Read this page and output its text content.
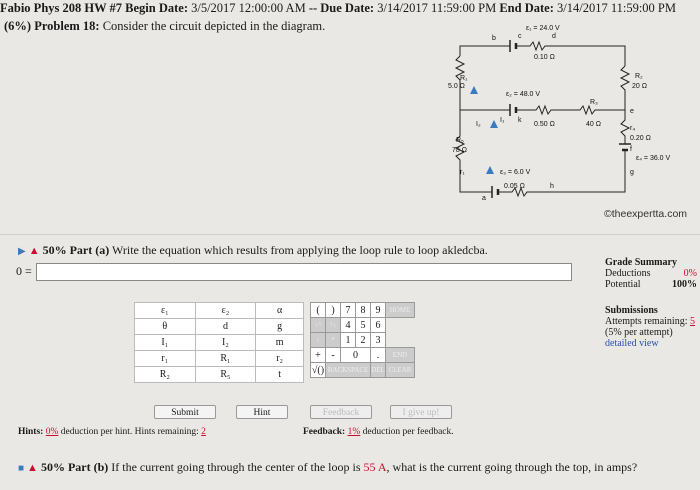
Fabio Phys 208 HW #7 Begin Date: 3/5/2017 12:00:00 AM -- Due Date: 3/14/2017 11:59:00 PM End Date: 3/14/2017 11:59:00 PM
(6%) Problem 18: Consider the circuit depicted in the diagram.	ε₁ = 24.0 V
0.10 Ω
b	c	d
R₁
5.0 Ω
R₂
20 Ω
ε₂ = 48.0 V
k
0.50 Ω
R₃
40 Ω
e
I₁
I₂
r₄
0.20 Ω
f
ε₄ = 36.0 V
g
R₅
78 Ω
ε₃ = 6.0 V
0.05 Ω	h
a
r₁
©theexpertta.com
▶ ▲ 50% Part (a) Write the equation which results from applying the loop rule to loop akledcba.
0 =
Grade Summary
Deductions	0%
Potential	100%
Submissions
Attempts remaining: 5
(5% per attempt)
detailed view
ε₁	ε₂	α
θ	d	g
I₁	I₂	m
r₁	R₁	r₂
R₂	R₅	t
(	)	7	8	9	HOME
↑^	^↓	4	5	6	
/	*	1	2	3	
+	-	0		.	END
√()	BACKSPACE			DEL	CLEAR
Submit	Hint	Feedback	I give up!
Hints: 0% deduction per hint. Hints remaining: 2	Feedback: 1% deduction per feedback.
■ ▲ 50% Part (b) If the current going through the center of the loop is 55 A, what is the current going through the top, in amps?
